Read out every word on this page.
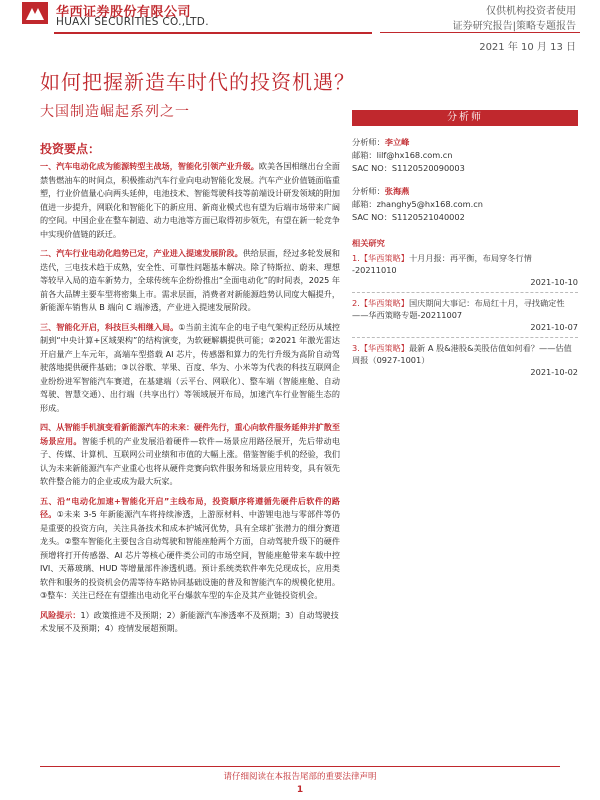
华西证券股份有限公司
HUAXI SECURITIES CO.,LTD.
仅供机构投资者使用
证券研究报告|策略专题报告
2021 年 10 月 13 日
如何把握新造车时代的投资机遇？
大国制造崛起系列之一
投资要点：
一、汽车电动化成为能源转型主战场，智能化引领产业升级。欧美各国相继出台全面禁售燃油车的时间点，积极推动汽车行业向电动智能化发展。汽车产业价值链面临重塑，行业价值量心向两头延伸，电池技术、智能驾驶科技等前端设计研发领域的附加值进一步提升，网联化和智能化下的新应用、新商业模式也有望为后端市场带来广阔的空间。中国企业在整车制造、动力电池等方面已取得初步领先，有望在新一轮竞争中实现价值链的跃迁。
二、汽车行业电动化趋势已定，产业进入提速发展阶段。供给层面，经过多轮发展和迭代，三电技术趋于成熟，安全性、可靠性问题基本解决。除了特斯拉、蔚来、理想等较早入局的造车新势力，全球传统车企纷纷推出“全面电动化”的时间表，2025 年前各大品牌主要车型将密集上市。需求层面，消费者对新能源趋势认同度大幅提升，新能源车销售从 B 端向 C 端渗透，产业进入提速发展阶段。
三、智能化开启，科技巨头相继入局。①当前主流车企的电子电气架构正经历从域控制到“中央计算+区域架构”的结构演变，为软硬解耦提供可能；②2021 年激光雷达开启量产上车元年，高端车型搭载 AI 芯片，传感器和算力的先行升级为高阶自动驾驶落地提供硬件基础；③以谷歌、苹果、百度、华为、小米等为代表的科技互联网企业纷纷进军智能汽车赛道，在基建端（云平台、网联化）、整车端（智能座舱、自动驾驶、智慧交通）、出行端（共享出行）等领域展开布局，加速汽车行业智能生态的形成。
四、从智能手机演变看新能源汽车的未来：硬件先行，重心向软件服务延伸并扩散至场景应用。智能手机的产业发展沿着硬件—软件—场景应用路径展开，先后带动电子、传媒、计算机、互联网公司业绩和市值的大幅上涨。借鉴智能手机的经验，我们认为未来新能源汽车产业重心也将从硬件竞赛向软件服务和场景应用转变，具有领先软件整合能力的企业或成为最大玩家。
五、沿“电动化加速+智能化开启”主线布局，投资顺序将遵循先硬件后软件的路径。①未来 3-5 年新能源汽车将持续渗透，上游原材料、中游锂电池与零部件等仍是重要的投资方向，关注具备技术和成本护城河优势，具有全球扩张潜力的细分赛道龙头。②整车智能化主要包含自动驾驶和智能座舱两个方面，自动驾驶升级下的硬件预增将打开传感器、AI 芯片等核心硬件类公司的市场空间，智能座舱带来车载中控 IVI、天幕玻璃、HUD 等增量部件渗透机遇。预计系统类软件率先兑现成长，应用类软件和服务的投资机会仍需等待车路协同基础设施的普及和智能汽车的规模化使用。③整车：关注已经在有望推出电动化平台爆款车型的车企及其产业链投资机会。
风险提示：1）政策推进不及预期；2）新能源汽车渗透率不及预期；3）自动驾驶技术发展不及预期；4）疫情发展超预期。
分析师
分析师：李立峰
邮箱：lilf@hx168.com.cn
SAC NO：S1120520090003
分析师：张海燕
邮箱：zhanghy5@hx168.com.cn
SAC NO：S1120521040002
相关研究
1.【华西策略】十月月报：再平衡，布局穿冬行情 -20211010
2021-10-10
2.【华西策略】国庆期间大事记：布局红十月，寻找确定性——华西策略专题-20211007
2021-10-07
3.【华西策略】最新 A 股&港股&美股估值如何看？——估值周报（0927-1001）
2021-10-02
请仔细阅读在本报告尾部的重要法律声明
1
